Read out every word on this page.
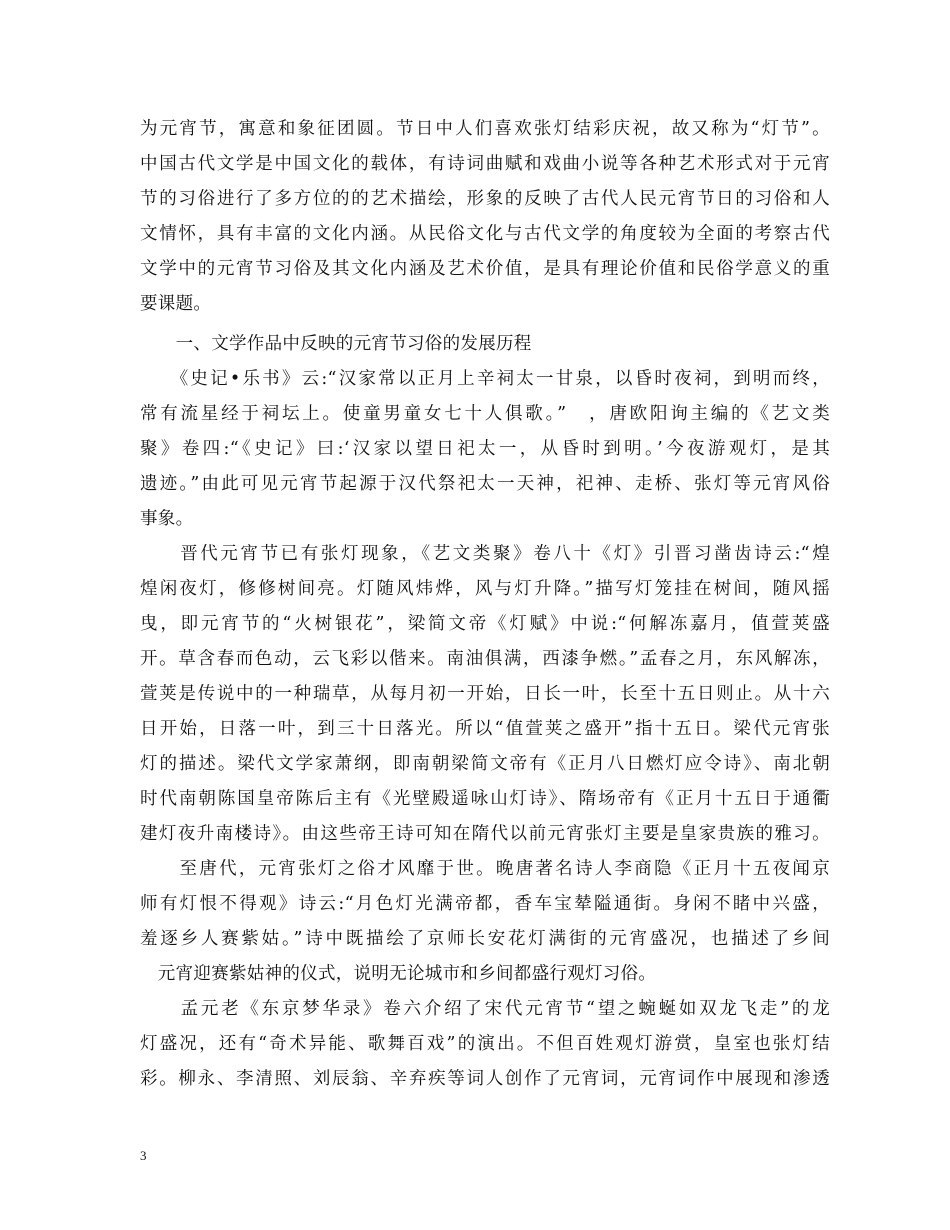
为元宵节，寓意和象征团圆。节日中人们喜欢张灯结彩庆祝，故又称为“灯节”。
中国古代文学是中国文化的载体，有诗词曲赋和戏曲小说等各种艺术形式对于元宵
节的习俗进行了多方位的的艺术描绘，形象的反映了古代人民元宵节日的习俗和人
文情怀，具有丰富的文化内涵。从民俗文化与古代文学的角度较为全面的考察古代
文学中的元宵节习俗及其文化内涵及艺术价值，是具有理论价值和民俗学意义的重
要课题。
　　一、文学作品中反映的元宵节习俗的发展历程
　　《史记•乐书》云:“汉家常以正月上辛祠太一甘泉，以昏时夜祠，到明而终，
常有流星经于祠坛上。使童男童女七十人俱歌。”　，唐欧阳询主编的《艺文类
聚》卷四:“《史记》曰:‘汉家以望日祀太一，从昏时到明。’今夜游观灯，是其
遗迹。”由此可见元宵节起源于汉代祭祀太一天神，祀神、走桥、张灯等元宵风俗
事象。
　　晋代元宵节已有张灯现象，《艺文类聚》卷八十《灯》引晋习凿齿诗云:“煌
煌闲夜灯，修修树间亮。灯随风炜烨，风与灯升降。”描写灯笼挂在树间，随风摇
曳，即元宵节的“火树银花”，梁简文帝《灯赋》中说:“何解冻嘉月，值萱荚盛
开。草含春而色动，云飞彩以偕来。南油俱满，西漆争燃。”孟春之月，东风解冻，
萱荚是传说中的一种瑞草，从每月初一开始，日长一叶，长至十五日则止。从十六
日开始，日落一叶，到三十日落光。所以“值萱荚之盛开”指十五日。梁代元宵张
灯的描述。梁代文学家萧纲，即南朝梁简文帝有《正月八日燃灯应令诗》、南北朝
时代南朝陈国皇帝陈后主有《光壁殿遥咏山灯诗》、隋场帝有《正月十五日于通衢
建灯夜升南楼诗》。由这些帝王诗可知在隋代以前元宵张灯主要是皇家贵族的雅习。
　　至唐代，元宵张灯之俗才风靡于世。晚唐著名诗人李商隐《正月十五夜闻京
师有灯恨不得观》诗云:“月色灯光满帝都，香车宝辇隘通街。身闲不睹中兴盛，
羞逐乡人赛紫姑。”诗中既描绘了京师长安花灯满街的元宵盛况，也描述了乡间
　元宵迎赛紫姑神的仪式，说明无论城市和乡间都盛行观灯习俗。
　　孟元老《东京梦华录》卷六介绍了宋代元宵节“望之蜿蜒如双龙飞走”的龙
灯盛况，还有“奇术异能、歌舞百戏”的演出。不但百姓观灯游赏，皇室也张灯结
彩。柳永、李清照、刘辰翁、辛弃疾等词人创作了元宵词，元宵词作中展现和渗透
3
